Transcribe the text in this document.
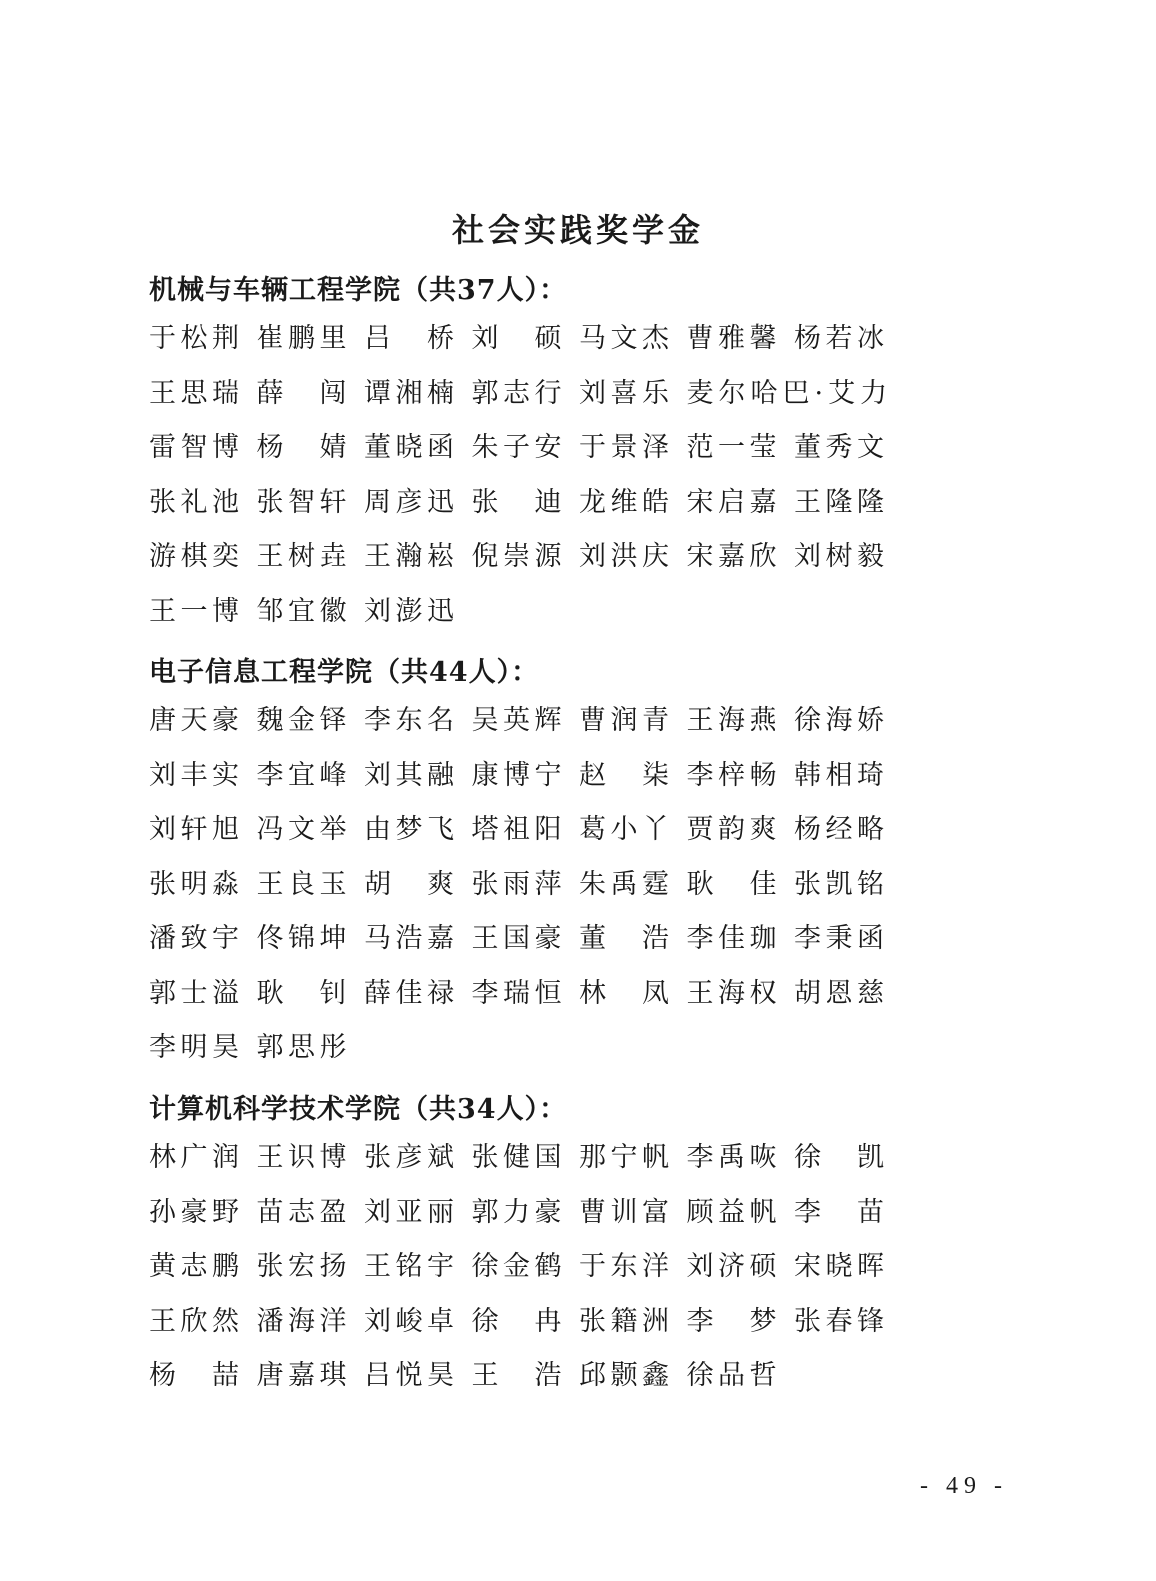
社会实践奖学金
机械与车辆工程学院（共37人）：
于 松 荆 崔 鹏 里 吕
　 桥 刘
　 硕 马 文 杰 曹 雅 馨 杨 若 冰
王 思 瑞 薛
　 闯 谭 湘 楠 郭 志 行 刘 喜 乐 麦尔哈巴·艾力
雷 智 博 杨
　 婧 董 晓 函 朱 子 安 于 景 泽 范 一 莹 董 秀 文
张 礼 池 张 智 轩 周 彦 迅 张
　 迪 龙 维 皓 宋 启 嘉 王 隆 隆
游 棋 奕 王 树 垚 王 瀚 崧 倪 崇 源 刘 洪 庆 宋 嘉 欣 刘 树 毅
王 一 博 邹 宜 徽 刘 澎 迅
电子信息工程学院（共44人）：
唐 天 豪 魏 金 铎 李 东 名 吴 英 辉 曹 润 青 王 海 燕 徐 海 娇
刘 丰 实 李 宜 峰 刘 其 融 康 博 宁 赵
　 柒 李 梓 畅 韩 相 琦
刘 轩 旭 冯 文 举 由 梦 飞 塔 祖 阳 葛 小 丫 贾 韵 爽 杨 经 略
张 明 淼 王 良 玉 胡
　 爽 张 雨 萍 朱 禹 霆 耿
　 佳 张 凯 铭
潘 致 宇 佟 锦 坤 马 浩 嘉 王 国 豪 董
　 浩 李 佳 珈 李 秉 函
郭 士 溢 耿
　 钊 薛 佳 禄 李 瑞 恒 林
　 凤 王 海 权 胡 恩 慈
李 明 昊 郭 思 彤
计算机科学技术学院（共34人）：
林 广 润 王 识 博 张 彦 斌 张 健 国 那 宁 帆 李 禹 咴 徐
　 凯
孙 豪 野 苗 志 盈 刘 亚 丽 郭 力 豪 曹 训 富 顾 益 帆 李
　 苗
黄 志 鹏 张 宏 扬 王 铭 宇 徐 金 鹤 于 东 洋 刘 济 硕 宋 晓 晖
王 欣 然 潘 海 洋 刘 峻 卓 徐
　 冉 张 籍 洲 李
　 梦 张 春 锋
杨
　 喆 唐 嘉 琪 吕 悦 昊 王
　 浩 邱 颢 鑫 徐 品 哲
- 49 -
